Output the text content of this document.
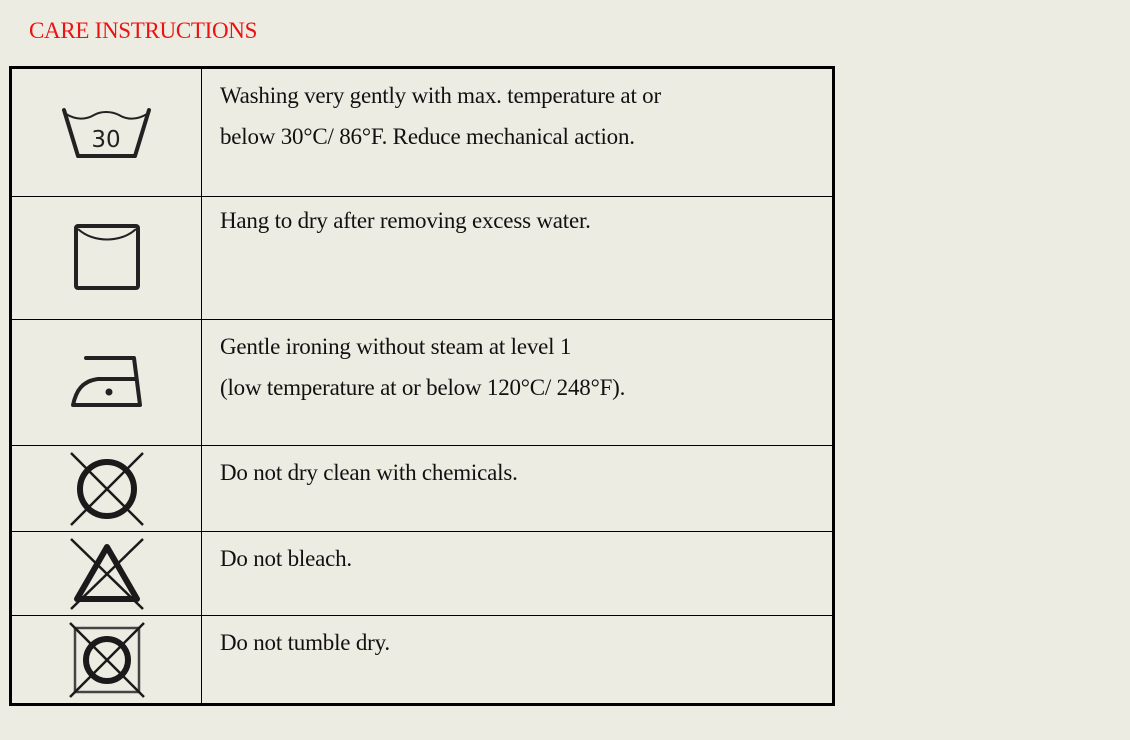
CARE INSTRUCTIONS
30
Washing very gently with max. temperature at or
below 30°C/ 86°F. Reduce mechanical action.
Hang to dry after removing excess water.
Gentle ironing without steam at level 1
(low temperature at or below 120°C/ 248°F).
Do not dry clean with chemicals.
Do not bleach.
Do not tumble dry.
